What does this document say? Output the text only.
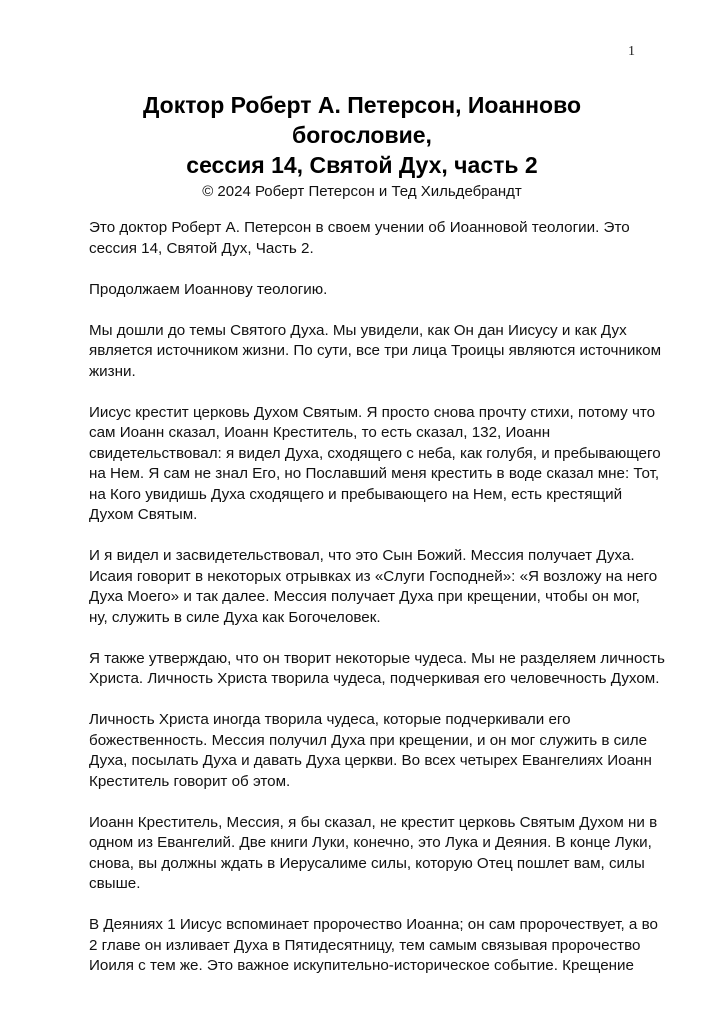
1
Доктор Роберт А. Петерсон, Иоанново
богословие,
сессия 14, Святой Дух, часть 2
© 2024 Роберт Петерсон и Тед Хильдебрандт

Это доктор Роберт А. Петерсон в своем учении об Иоанновой теологии. Это
сессия 14, Святой Дух, Часть 2.

Продолжаем Иоанновy теологию.

Мы дошли до темы Святого Духа. Мы увидели, как Он дан Иисусу и как Дух
является источником жизни. По сути, все три лица Троицы являются источником
жизни.

Иисус крестит церковь Духом Святым. Я просто снова прочту стихи, потому что
сам Иоанн сказал, Иоанн Креститель, то есть сказал, 132, Иоанн
свидетельствовал: я видел Духа, сходящего с неба, как голубя, и пребывающего
на Нем. Я сам не знал Его, но Пославший меня крестить в воде сказал мне: Тот,
на Кого увидишь Духа сходящего и пребывающего на Нем, есть крестящий
Духом Святым.

И я видел и засвидетельствовал, что это Сын Божий. Мессия получает Духа.
Исаия говорит в некоторых отрывках из «Слуги Господней»: «Я возложу на него
Духа Моего» и так далее. Мессия получает Духа при крещении, чтобы он мог,
ну, служить в силе Духа как Богочеловек.

Я также утверждаю, что он творит некоторые чудеса. Мы не разделяем личность
Христа. Личность Христа творила чудеса, подчеркивая его человечность Духом.

Личность Христа иногда творила чудеса, которые подчеркивали его
божественность. Мессия получил Духа при крещении, и он мог служить в силе
Духа, посылать Духа и давать Духа церкви. Во всех четырех Евангелиях Иоанн
Креститель говорит об этом.

Иоанн Креститель, Мессия, я бы сказал, не крестит церковь Святым Духом ни в
одном из Евангелий. Две книги Луки, конечно, это Лука и Деяния. В конце Луки,
снова, вы должны ждать в Иерусалиме силы, которую Отец пошлет вам, силы
свыше.

В Деяниях 1 Иисус вспоминает пророчество Иоанна; он сам пророчествует, а во
2 главе он изливает Духа в Пятидесятницу, тем самым связывая пророчество
Иоиля с тем же. Это важное искупительно-историческое событие. Крещение
